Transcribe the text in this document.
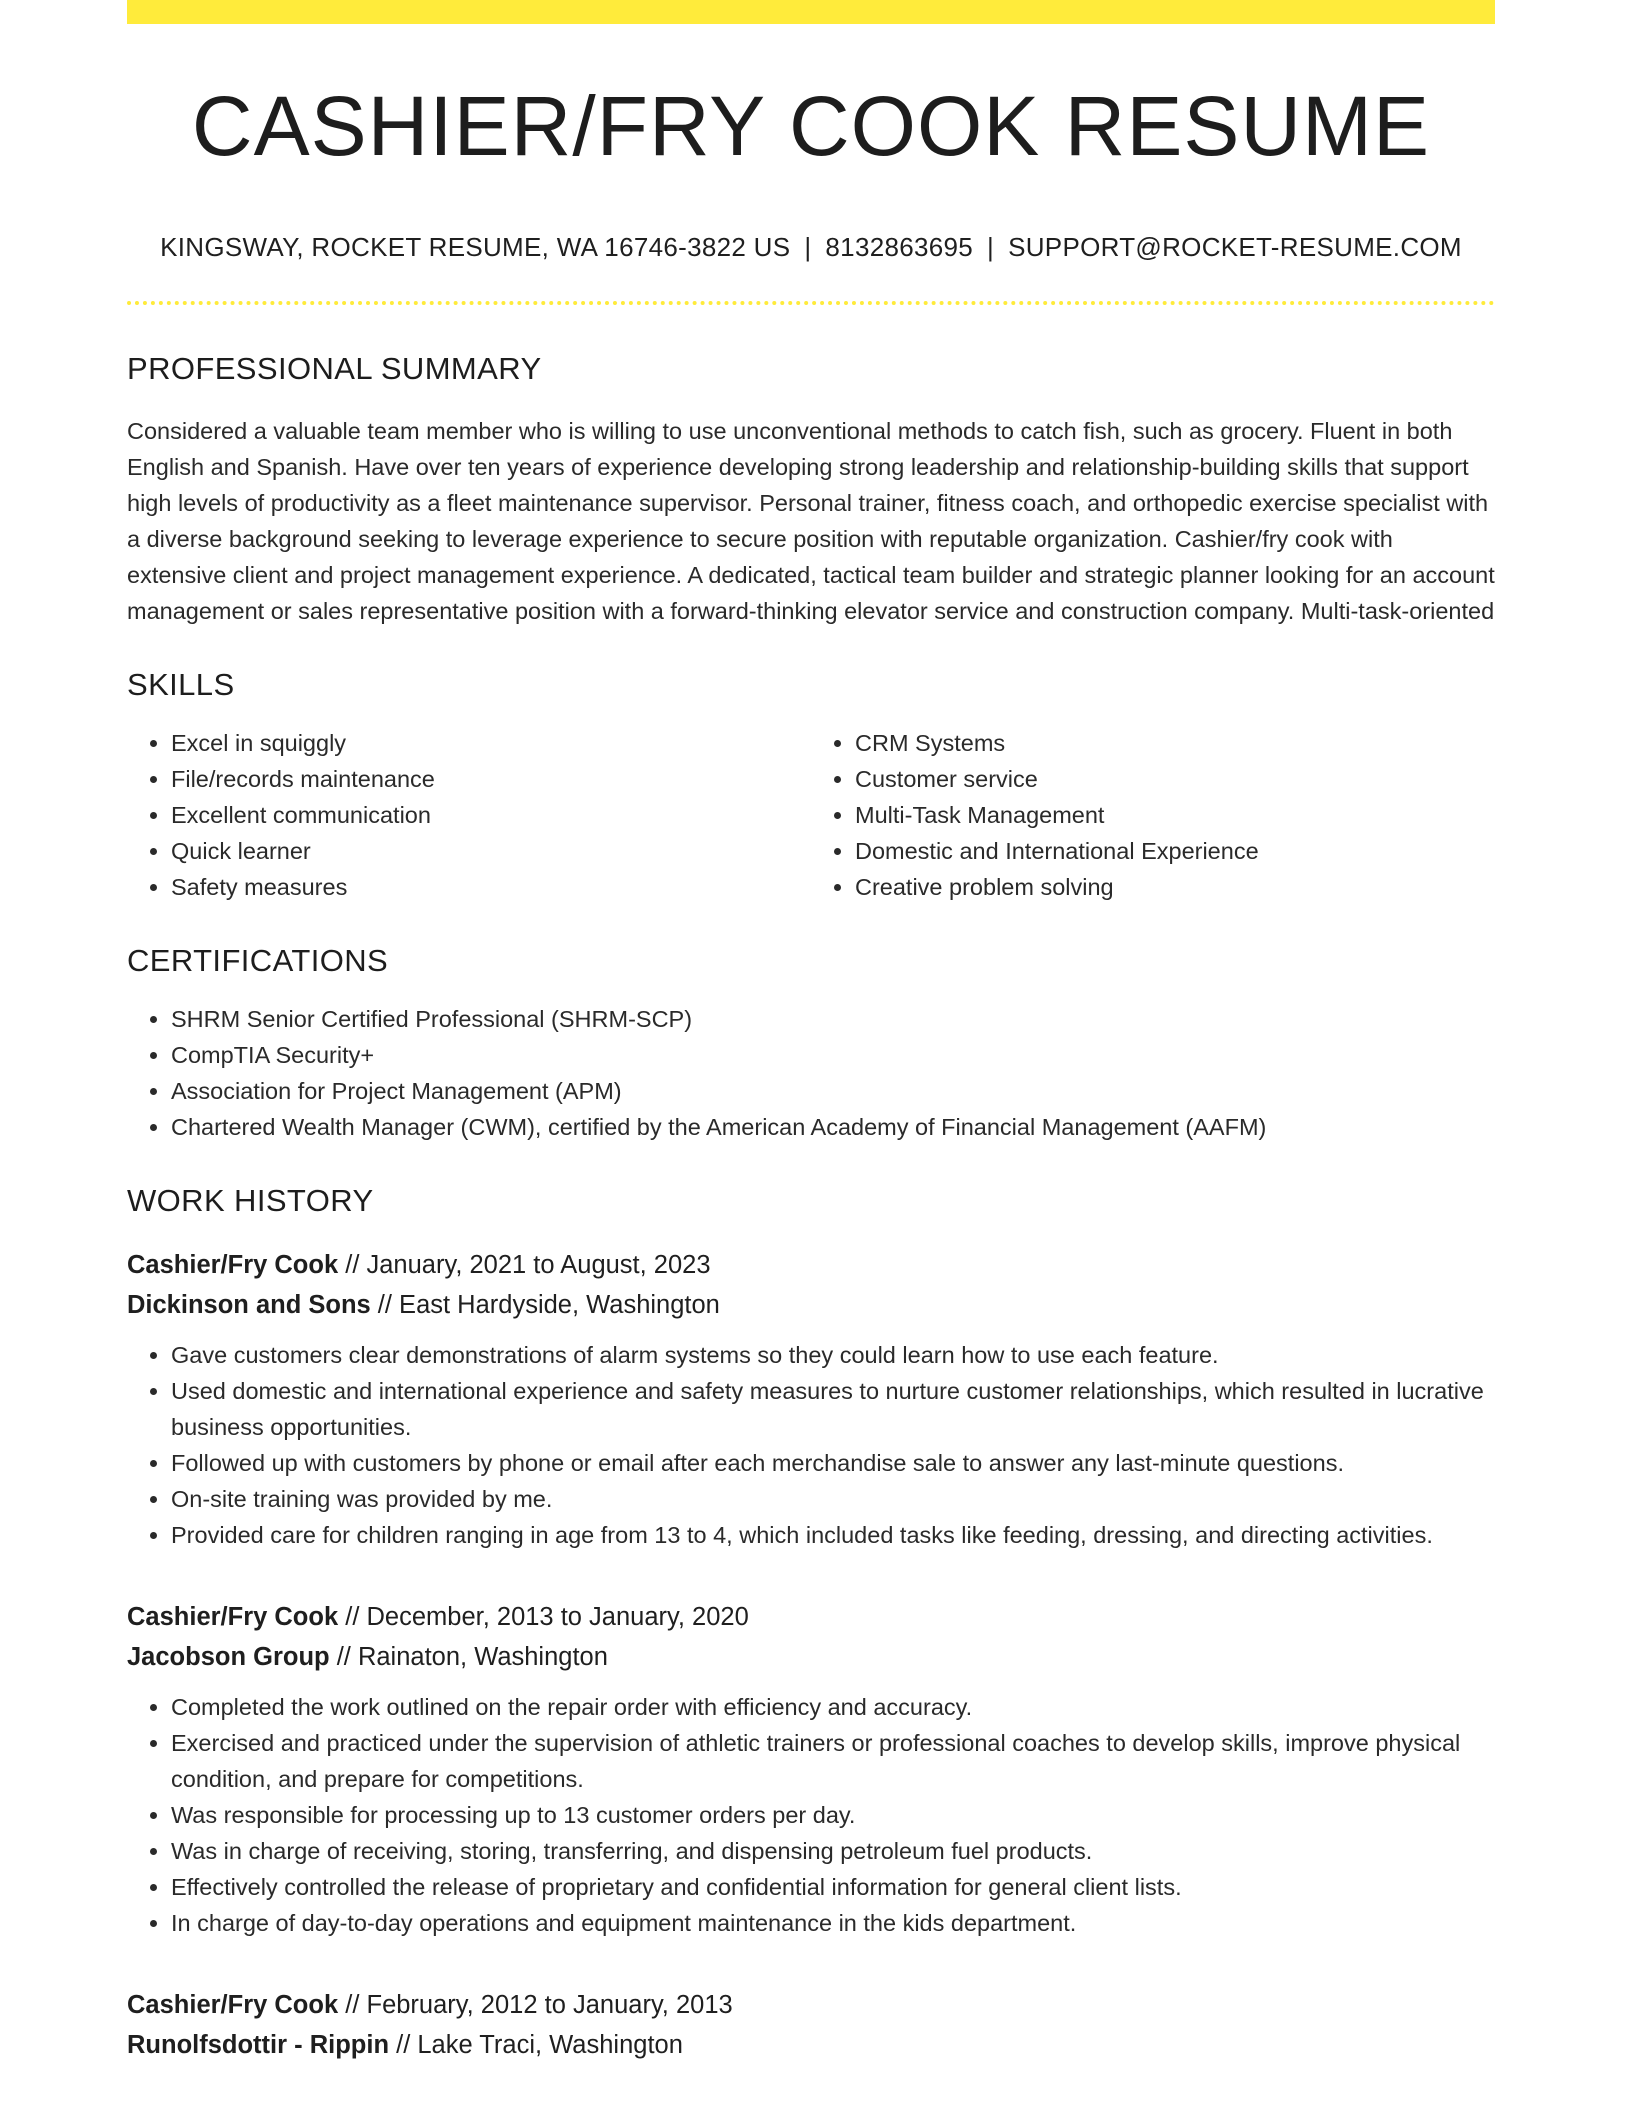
CASHIER/FRY COOK RESUME
KINGSWAY, ROCKET RESUME, WA 16746-3822 US | 8132863695 | SUPPORT@ROCKET-RESUME.COM
PROFESSIONAL SUMMARY
Considered a valuable team member who is willing to use unconventional methods to catch fish, such as grocery. Fluent in both English and Spanish. Have over ten years of experience developing strong leadership and relationship-building skills that support high levels of productivity as a fleet maintenance supervisor. Personal trainer, fitness coach, and orthopedic exercise specialist with a diverse background seeking to leverage experience to secure position with reputable organization. Cashier/fry cook with extensive client and project management experience. A dedicated, tactical team builder and strategic planner looking for an account management or sales representative position with a forward-thinking elevator service and construction company. Multi-task-oriented
SKILLS
• Excel in squiggly
• File/records maintenance
• Excellent communication
• Quick learner
• Safety measures
• CRM Systems
• Customer service
• Multi-Task Management
• Domestic and International Experience
• Creative problem solving
CERTIFICATIONS
• SHRM Senior Certified Professional (SHRM-SCP)
• CompTIA Security+
• Association for Project Management (APM)
• Chartered Wealth Manager (CWM), certified by the American Academy of Financial Management (AAFM)
WORK HISTORY
Cashier/Fry Cook // January, 2021 to August, 2023
Dickinson and Sons // East Hardyside, Washington
• Gave customers clear demonstrations of alarm systems so they could learn how to use each feature.
• Used domestic and international experience and safety measures to nurture customer relationships, which resulted in lucrative business opportunities.
• Followed up with customers by phone or email after each merchandise sale to answer any last-minute questions.
• On-site training was provided by me.
• Provided care for children ranging in age from 13 to 4, which included tasks like feeding, dressing, and directing activities.
Cashier/Fry Cook // December, 2013 to January, 2020
Jacobson Group // Rainaton, Washington
• Completed the work outlined on the repair order with efficiency and accuracy.
• Exercised and practiced under the supervision of athletic trainers or professional coaches to develop skills, improve physical condition, and prepare for competitions.
• Was responsible for processing up to 13 customer orders per day.
• Was in charge of receiving, storing, transferring, and dispensing petroleum fuel products.
• Effectively controlled the release of proprietary and confidential information for general client lists.
• In charge of day-to-day operations and equipment maintenance in the kids department.
Cashier/Fry Cook // February, 2012 to January, 2013
Runolfsdottir - Rippin // Lake Traci, Washington
